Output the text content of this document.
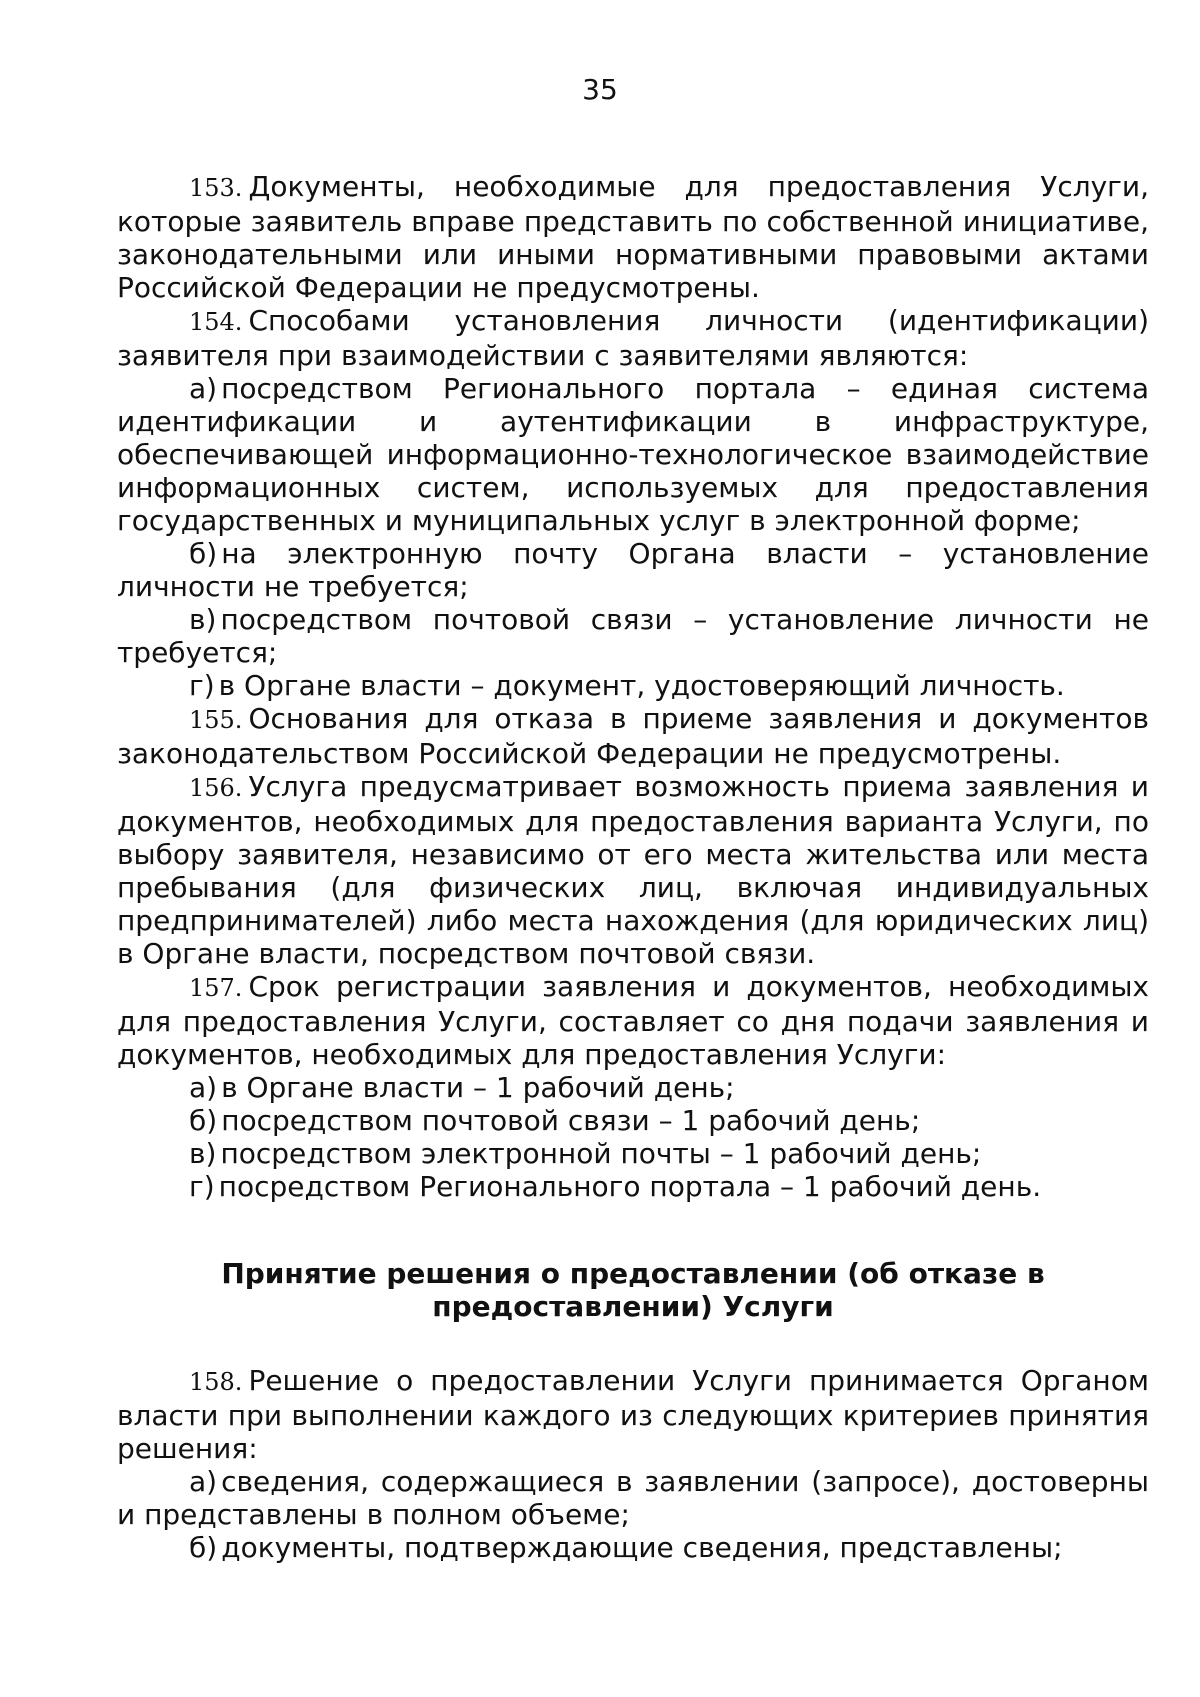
35

153. Документы, необходимые для предоставления Услуги, которые заявитель вправе представить по собственной инициативе, законодательными или иными нормативными правовыми актами Российской Федерации не предусмотрены.

154. Способами установления личности (идентификации) заявителя при взаимодействии с заявителями являются:

а) посредством Регионального портала – единая система идентификации и аутентификации в инфраструктуре, обеспечивающей информационно-технологическое взаимодействие информационных систем, используемых для предоставления государственных и муниципальных услуг в электронной форме;

б) на электронную почту Органа власти – установление личности не требуется;

в) посредством почтовой связи – установление личности не требуется;

г) в Органе власти – документ, удостоверяющий личность.

155. Основания для отказа в приеме заявления и документов законодательством Российской Федерации не предусмотрены.

156. Услуга предусматривает возможность приема заявления и документов, необходимых для предоставления варианта Услуги, по выбору заявителя, независимо от его места жительства или места пребывания (для физических лиц, включая индивидуальных предпринимателей) либо места нахождения (для юридических лиц) в Органе власти, посредством почтовой связи.

157. Срок регистрации заявления и документов, необходимых для предоставления Услуги, составляет со дня подачи заявления и документов, необходимых для предоставления Услуги:

а) в Органе власти – 1 рабочий день;

б) посредством почтовой связи – 1 рабочий день;

в) посредством электронной почты – 1 рабочий день;

г) посредством Регионального портала – 1 рабочий день.

Принятие решения о предоставлении (об отказе в предоставлении) Услуги

158. Решение о предоставлении Услуги принимается Органом власти при выполнении каждого из следующих критериев принятия решения:

а) сведения, содержащиеся в заявлении (запросе), достоверны и представлены в полном объеме;

б) документы, подтверждающие сведения, представлены;
